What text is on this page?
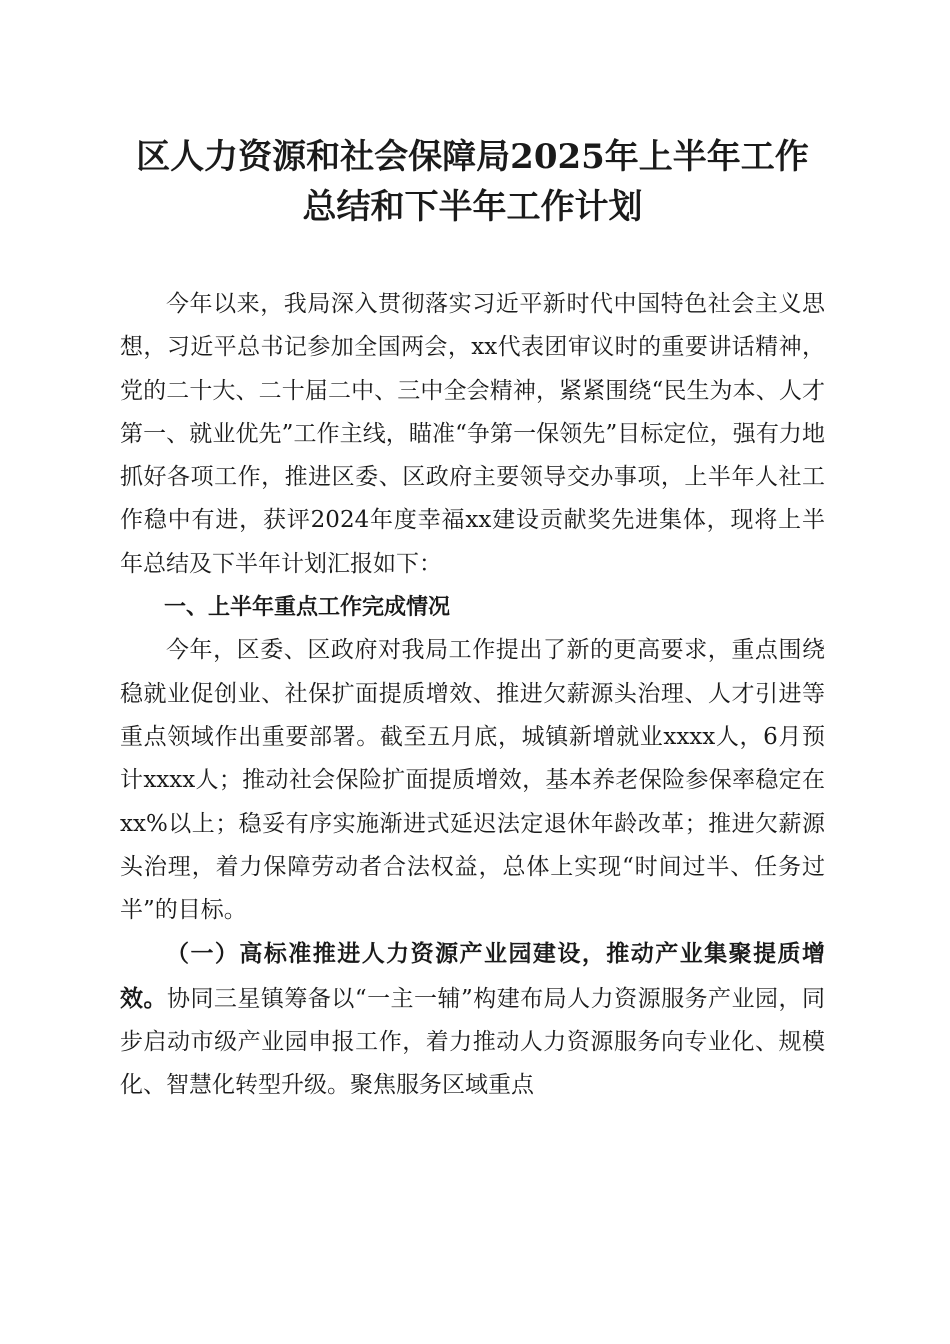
区人力资源和社会保障局2025年上半年工作
总结和下半年工作计划

今年以来，我局深入贯彻落实习近平新时代中国特色社会主义思想，习近平总书记参加全国两会，xx代表团审议时的重要讲话精神，党的二十大、二十届二中、三中全会精神，紧紧围绕“民生为本、人才第一、就业优先”工作主线，瞄准“争第一保领先”目标定位，强有力地抓好各项工作，推进区委、区政府主要领导交办事项，上半年人社工作稳中有进，获评2024年度幸福xx建设贡献奖先进集体，现将上半年总结及下半年计划汇报如下：

一、上半年重点工作完成情况

今年，区委、区政府对我局工作提出了新的更高要求，重点围绕稳就业促创业、社保扩面提质增效、推进欠薪源头治理、人才引进等重点领域作出重要部署。截至五月底，城镇新增就业xxxx人，6月预计xxxx人；推动社会保险扩面提质增效，基本养老保险参保率稳定在xx%以上；稳妥有序实施渐进式延迟法定退休年龄改革；推进欠薪源头治理，着力保障劳动者合法权益，总体上实现“时间过半、任务过半”的目标。

（一）高标准推进人力资源产业园建设，推动产业集聚提质增效。协同三星镇筹备以“一主一辅”构建布局人力资源服务产业园，同步启动市级产业园申报工作，着力推动人力资源服务向专业化、规模化、智慧化转型升级。聚焦服务区域重点
